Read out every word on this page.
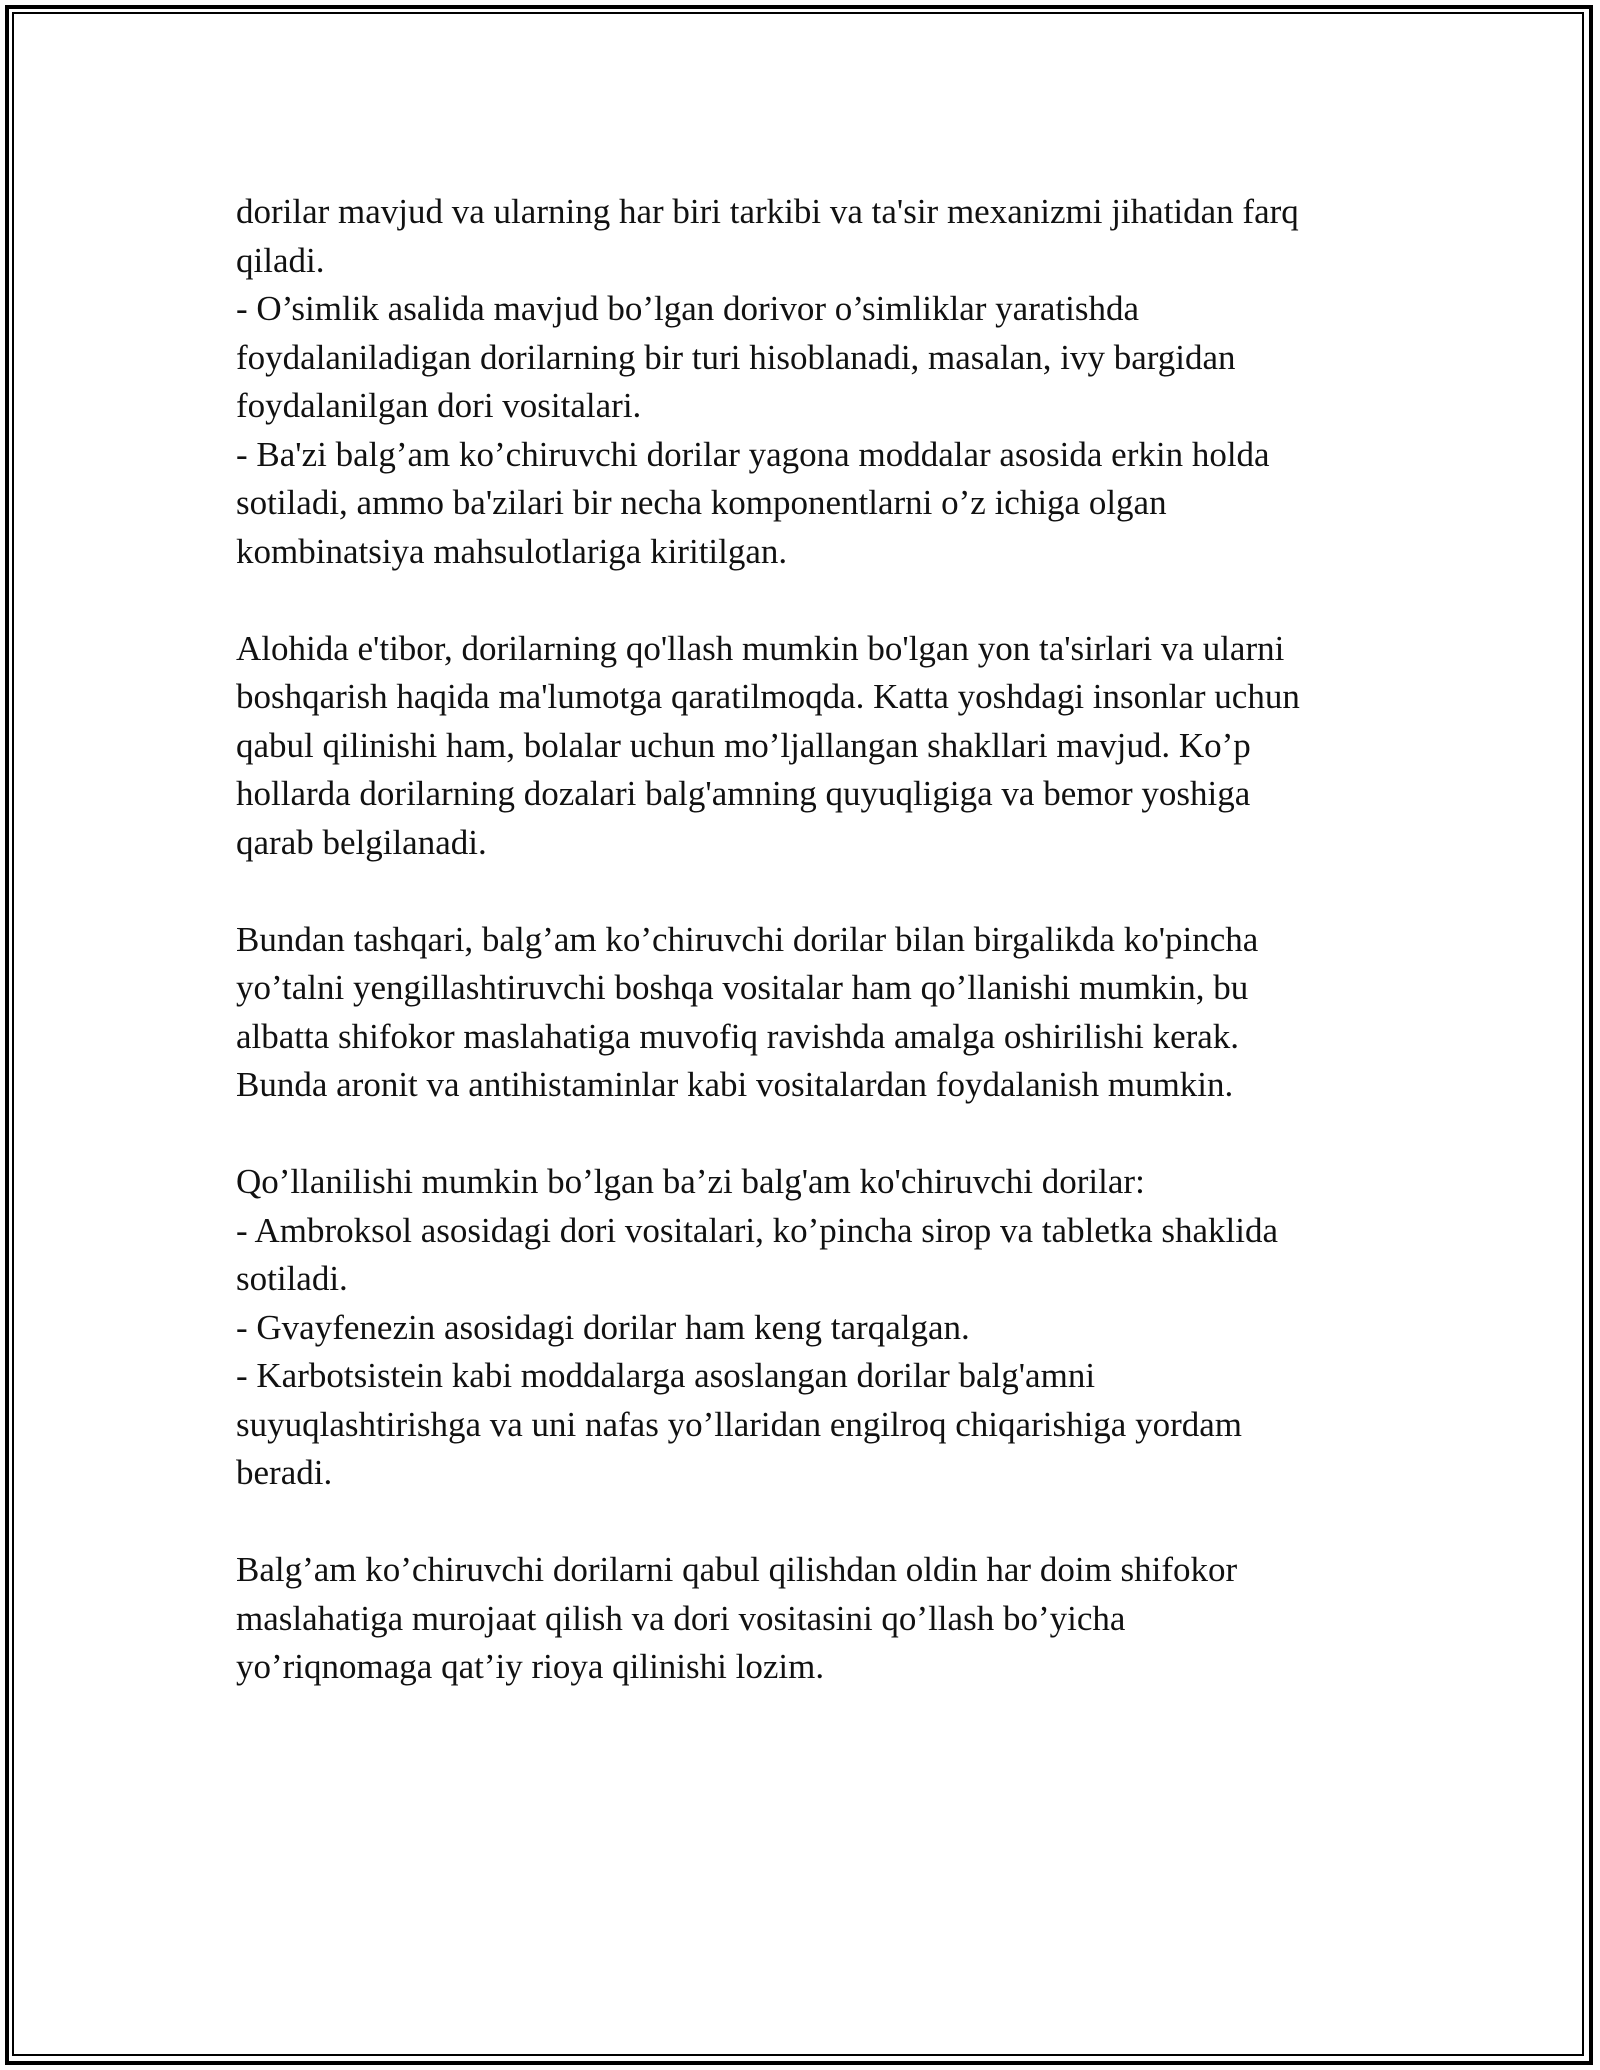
dorilar mavjud va ularning har biri tarkibi va ta'sir mexanizmi jihatidan farq
qiladi.
- O’simlik asalida mavjud bo’lgan dorivor o’simliklar yaratishda
foydalaniladigan dorilarning bir turi hisoblanadi, masalan, ivy bargidan
foydalanilgan dori vositalari.
- Ba'zi balg’am ko’chiruvchi dorilar yagona moddalar asosida erkin holda
sotiladi, ammo ba'zilari bir necha komponentlarni o’z ichiga olgan
kombinatsiya mahsulotlariga kiritilgan.

Alohida e'tibor, dorilarning qo'llash mumkin bo'lgan yon ta'sirlari va ularni
boshqarish haqida ma'lumotga qaratilmoqda. Katta yoshdagi insonlar uchun
qabul qilinishi ham, bolalar uchun mo’ljallangan shakllari mavjud. Ko’p
hollarda dorilarning dozalari balg'amning quyuqligiga va bemor yoshiga
qarab belgilanadi.

Bundan tashqari, balg’am ko’chiruvchi dorilar bilan birgalikda ko'pincha
yo’talni yengillashtiruvchi boshqa vositalar ham qo’llanishi mumkin, bu
albatta shifokor maslahatiga muvofiq ravishda amalga oshirilishi kerak.
Bunda aronit va antihistaminlar kabi vositalardan foydalanish mumkin.

Qo’llanilishi mumkin bo’lgan ba’zi balg'am ko'chiruvchi dorilar:
- Ambroksol asosidagi dori vositalari, ko’pincha sirop va tabletka shaklida
sotiladi.
- Gvayfenezin asosidagi dorilar ham keng tarqalgan.
- Karbotsistein kabi moddalarga asoslangan dorilar balg'amni
suyuqlashtirishga va uni nafas yo’llaridan engilroq chiqarishiga yordam
beradi.

Balg’am ko’chiruvchi dorilarni qabul qilishdan oldin har doim shifokor
maslahatiga murojaat qilish va dori vositasini qo’llash bo’yicha
yo’riqnomaga qat’iy rioya qilinishi lozim.
